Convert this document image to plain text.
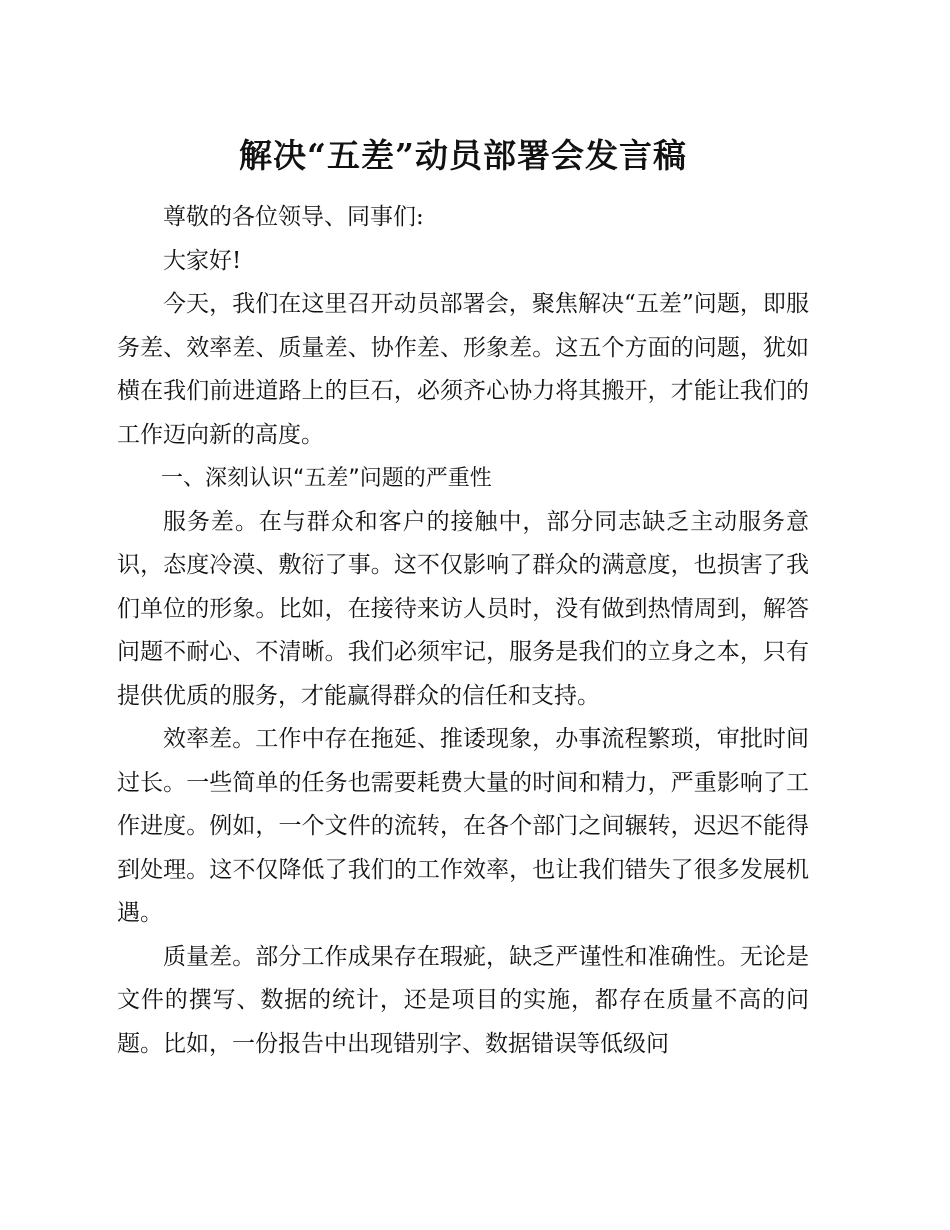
解决“五差”动员部署会发言稿

尊敬的各位领导、同事们:

大家好!

今天，我们在这里召开动员部署会，聚焦解决“五差”问题，即服务差、效率差、质量差、协作差、形象差。这五个方面的问题，犹如横在我们前进道路上的巨石，必须齐心协力将其搬开，才能让我们的工作迈向新的高度。

一、深刻认识“五差”问题的严重性

服务差。在与群众和客户的接触中，部分同志缺乏主动服务意识，态度冷漠、敷衍了事。这不仅影响了群众的满意度，也损害了我们单位的形象。比如，在接待来访人员时，没有做到热情周到，解答问题不耐心、不清晰。我们必须牢记，服务是我们的立身之本，只有提供优质的服务，才能赢得群众的信任和支持。

效率差。工作中存在拖延、推诿现象，办事流程繁琐，审批时间过长。一些简单的任务也需要耗费大量的时间和精力，严重影响了工作进度。例如，一个文件的流转，在各个部门之间辗转，迟迟不能得到处理。这不仅降低了我们的工作效率，也让我们错失了很多发展机遇。

质量差。部分工作成果存在瑕疵，缺乏严谨性和准确性。无论是文件的撰写、数据的统计，还是项目的实施，都存在质量不高的问题。比如，一份报告中出现错别字、数据错误等低级问
